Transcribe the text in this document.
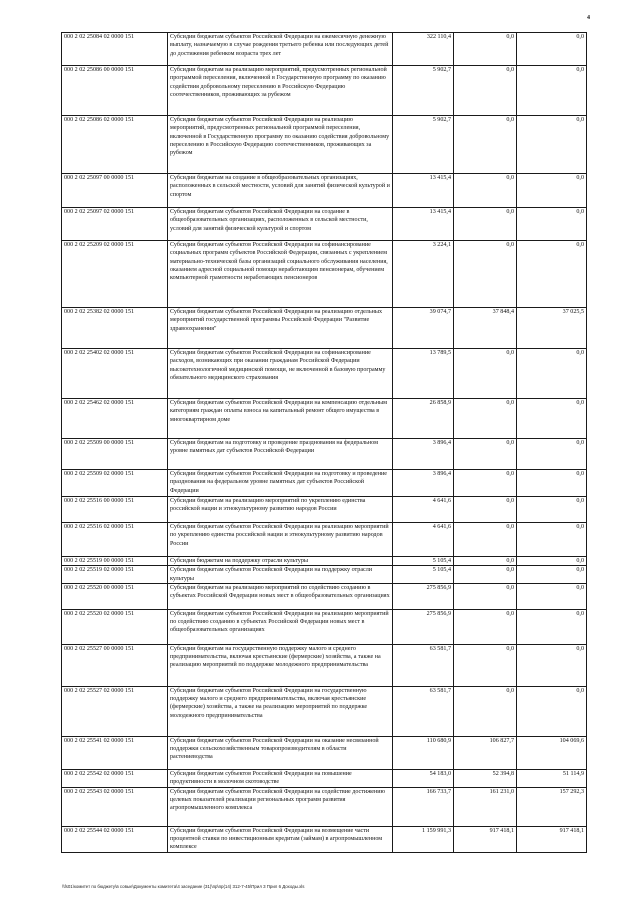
4
000 2 02 25084 02 0000 151	Субсидии бюджетам субъектов Российской Федерации на ежемесячную денежную выплату, назначаемую в случае рождения третьего ребенка или последующих детей до достижения ребенком возраста трех лет	322 110,4	0,0	0,0
000 2 02 25086 00 0000 151	Субсидии бюджетам на реализацию мероприятий, предусмотренных региональной программой переселения, включенной в Государственную программу по оказанию содействия добровольному переселению в Российскую Федерацию соотечественников, проживающих за рубежом	5 902,7	0,0	0,0
000 2 02 25086 02 0000 151	Субсидии бюджетам субъектов Российской Федерации на реализацию мероприятий, предусмотренных региональной программой переселения, включенной в Государственную программу по оказанию содействия добровольному переселению в Российскую Федерацию соотечественников, проживающих за рубежом	5 902,7	0,0	0,0
000 2 02 25097 00 0000 151	Субсидии бюджетам на создание в общеобразовательных организациях, расположенных в сельской местности, условий для занятий физической культурой и спортом	13 415,4	0,0	0,0
000 2 02 25097 02 0000 151	Субсидии бюджетам субъектов Российской Федерации на создание в общеобразовательных организациях, расположенных в сельской местности, условий для занятий физической культурой и спортом	13 415,4	0,0	0,0
000 2 02 25209 02 0000 151	Субсидии бюджетам субъектов Российской Федерации на софинансирование социальных программ субъектов Российской Федерации, связанных с укреплением материально-технической базы организаций социального обслуживания населения, оказанием адресной социальной помощи неработающим пенсионерам, обучением компьютерной грамотности неработающих пенсионеров	3 224,1	0,0	0,0
000 2 02 25382 02 0000 151	Субсидии бюджетам субъектов Российской Федерации на реализацию отдельных мероприятий государственной программы Российской Федерации "Развитие здравоохранения"	39 074,7	37 848,4	37 025,5
000 2 02 25402 02 0000 151	Субсидии бюджетам субъектов Российской Федерации на софинансирование расходов, возникающих при оказании гражданам Российской Федерации высокотехнологичной медицинской помощи, не включенной в базовую программу обязательного медицинского страхования	13 789,5	0,0	0,0
000 2 02 25462 02 0000 151	Субсидии бюджетам субъектов Российской Федерации на компенсацию отдельным категориям граждан оплаты взноса на капитальный ремонт общего имущества в многоквартирном доме	26 858,9	0,0	0,0
000 2 02 25509 00 0000 151	Субсидии бюджетам на подготовку и проведение празднования на федеральном уровне памятных дат субъектов Российской Федерации	3 896,4	0,0	0,0
000 2 02 25509 02 0000 151	Субсидии бюджетам субъектов Российской Федерации на подготовку и проведение празднования на федеральном уровне памятных дат субъектов Российской Федерации	3 896,4	0,0	0,0
000 2 02 25516 00 0000 151	Субсидии бюджетам на реализацию мероприятий по укреплению единства российской нации и этнокультурному развитию народов России	4 641,6	0,0	0,0
000 2 02 25516 02 0000 151	Субсидии бюджетам субъектов Российской Федерации на реализацию мероприятий по укреплению единства российской нации и этнокультурному развитию народов России	4 641,6	0,0	0,0
000 2 02 25519 00 0000 151	Субсидия бюджетам на поддержку отрасли культуры	5 105,4	0,0	0,0
000 2 02 25519 02 0000 151	Субсидии бюджетам субъектов Российской Федерации на поддержку отрасли культуры	5 105,4	0,0	0,0
000 2 02 25520 00 0000 151	Субсидии бюджетам на реализацию мероприятий по содействию созданию в субъектах Российской Федерации новых мест в общеобразовательных организациях	275 856,9	0,0	0,0
000 2 02 25520 02 0000 151	Субсидии бюджетам субъектов Российской Федерации на реализацию мероприятий по содействию созданию в субъектах Российской Федерации новых мест в общеобразовательных организациях	275 856,9	0,0	0,0
000 2 02 25527 00 0000 151	Субсидии бюджетам на государственную поддержку малого и среднего предпринимательства, включая крестьянские (фермерские) хозяйства, а также на реализацию мероприятий по поддержке молодежного предпринимательства	63 581,7	0,0	0,0
000 2 02 25527 02 0000 151	Субсидии бюджетам субъектов Российской Федерации на государственную поддержку малого и среднего предпринимательства, включая крестьянские (фермерские) хозяйства, а также на реализацию мероприятий по поддержке молодежного предпринимательства	63 581,7	0,0	0,0
000 2 02 25541 02 0000 151	Субсидии бюджетам субъектов Российской Федерации на оказание несвязанной поддержки сельскохозяйственным товаропроизводителям в области растениеводства	110 680,9	106 827,7	104 069,6
000 2 02 25542 02 0000 151	Субсидии бюджетам субъектов Российской Федерации на повышение продуктивности в молочном скотоводстве	54 183,0	52 394,8	51 114,9
000 2 02 25543 02 0000 151	Субсидии бюджетам субъектов Российской Федерации на содействие достижению целевых показателей реализации региональных программ развития агропромышленного комплекса	166 733,7	161 231,0	157 292,3
000 2 02 25544 02 0000 151	Субсидии бюджетам субъектов Российской Федерации на возмещение части процентной ставки по инвестиционным кредитам (займам) в агропромышленном комплексе	1 159 991,3	917 418,1	917 418,1
\\fs01\комитет по бюджету\в совые\Документы комитета\4 заседание (31)\пр\пр(14) 312-7-45\Прил 3 Прил 6 Доходы.xls
